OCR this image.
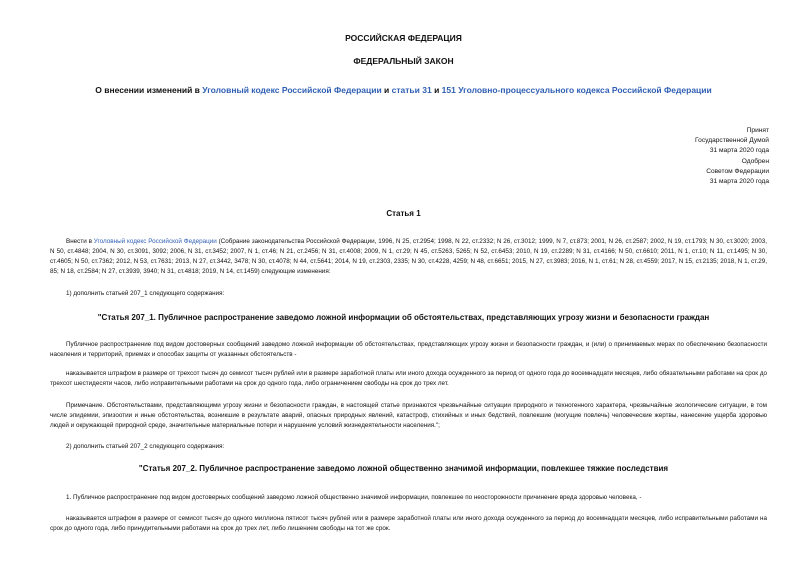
РОССИЙСКАЯ ФЕДЕРАЦИЯ
ФЕДЕРАЛЬНЫЙ ЗАКОН
О внесении изменений в Уголовный кодекс Российской Федерации и статьи 31 и 151 Уголовно-процессуального кодекса Российской Федерации
Принят
Государственной Думой
31 марта 2020 года
Одобрен
Советом Федерации
31 марта 2020 года
Статья 1

Внести в Уголовный кодекс Российской Федерации (Собрание законодательства Российской Федерации, 1996, N 25, ст.2954; 1998, N 22, ст.2332; N 26, ст.3012; 1999, N 7, ст.873; 2001, N 26, ст.2587; 2002, N 19, ст.1793; N 30, ст.3020; 2003, N 50, ст.4848; 2004, N 30, ст.3091, 3092; 2006, N 31, ст.3452; 2007, N 1, ст.46; N 21, ст.2456; N 31, ст.4008; 2009, N 1, ст.29; N 45, ст.5263, 5265; N 52, ст.6453; 2010, N 19, ст.2289; N 31, ст.4166; N 50, ст.6610; 2011, N 1, ст.10; N 11, ст.1495; N 30, ст.4605; N 50, ст.7362; 2012, N 53, ст.7631; 2013, N 27, ст.3442, 3478; N 30, ст.4078; N 44, ст.5641; 2014, N 19, ст.2303, 2335; N 30, ст.4228, 4259; N 48, ст.6651; 2015, N 27, ст.3983; 2016, N 1, ст.61; N 28, ст.4559; 2017, N 15, ст.2135; 2018, N 1, ст.29, 85; N 18, ст.2584; N 27, ст.3939, 3940; N 31, ст.4818; 2019, N 14, ст.1459) следующие изменения:

1) дополнить статьей 207_1 следующего содержания:
"Статья 207_1. Публичное распространение заведомо ложной информации об обстоятельствах, представляющих угрозу жизни и безопасности граждан

Публичное распространение под видом достоверных сообщений заведомо ложной информации об обстоятельствах, представляющих угрозу жизни и безопасности граждан, и (или) о принимаемых мерах по обеспечению безопасности населения и территорий, приемах и способах защиты от указанных обстоятельств -

наказывается штрафом в размере от трехсот тысяч до семисот тысяч рублей или в размере заработной платы или иного дохода осужденного за период от одного года до восемнадцати месяцев, либо обязательными работами на срок до трехсот шестидесяти часов, либо исправительными работами на срок до одного года, либо ограничением свободы на срок до трех лет.

Примечание. Обстоятельствами, представляющими угрозу жизни и безопасности граждан, в настоящей статье признаются чрезвычайные ситуации природного и техногенного характера, чрезвычайные экологические ситуации, в том числе эпидемии, эпизоотии и иные обстоятельства, возникшие в результате аварий, опасных природных явлений, катастроф, стихийных и иных бедствий, повлекшие (могущие повлечь) человеческие жертвы, нанесение ущерба здоровью людей и окружающей природной среде, значительные материальные потери и нарушение условий жизнедеятельности населения.";

2) дополнить статьей 207_2 следующего содержания:
"Статья 207_2. Публичное распространение заведомо ложной общественно значимой информации, повлекшее тяжкие последствия

1. Публичное распространение под видом достоверных сообщений заведомо ложной общественно значимой информации, повлекшее по неосторожности причинение вреда здоровью человека, -

наказывается штрафом в размере от семисот тысяч до одного миллиона пятисот тысяч рублей или в размере заработной платы или иного дохода осужденного за период до восемнадцати месяцев, либо исправительными работами на срок до одного года, либо принудительными работами на срок до трех лет, либо лишением свободы на тот же срок.
